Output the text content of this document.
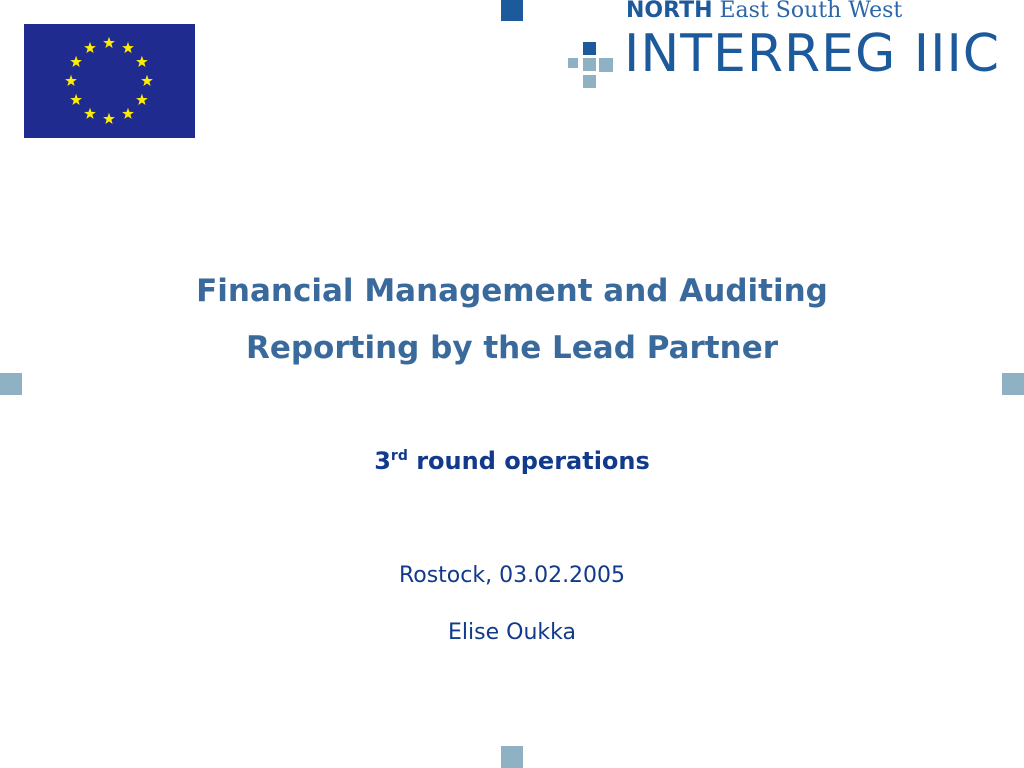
NORTH East South West
INTERREG IIIC
Financial Management and Auditing
Reporting by the Lead Partner
3rd round operations
Rostock, 03.02.2005
Elise Oukka
